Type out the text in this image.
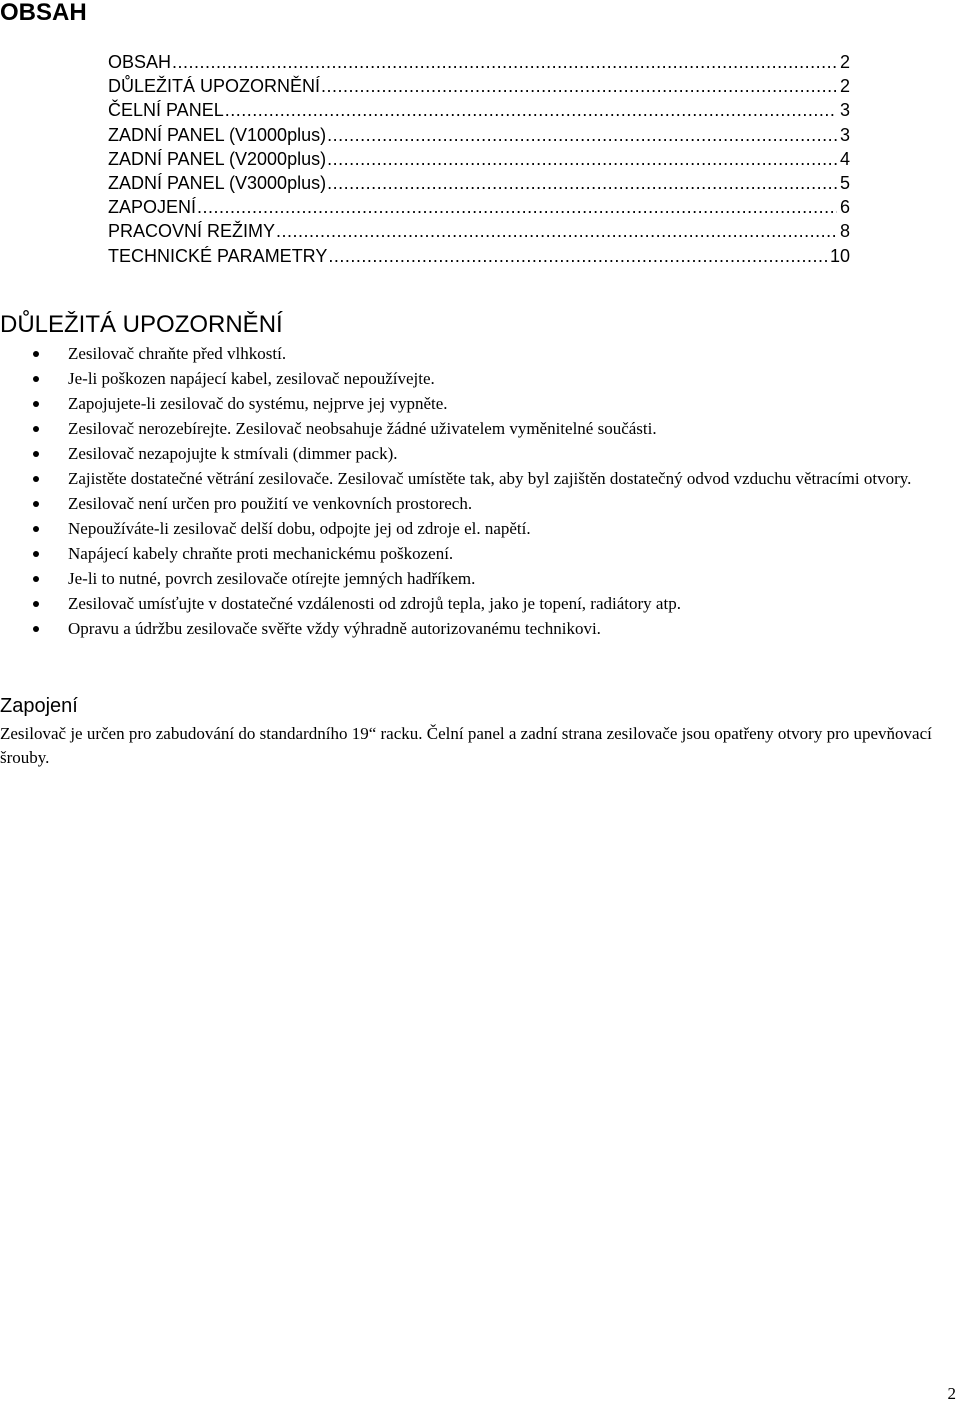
OBSAH
OBSAH .....	2
DŮLEŽITÁ UPOZORNĚNÍ .....	2
ČELNÍ PANEL .....	3
ZADNÍ PANEL (V1000plus) .....	3
ZADNÍ PANEL (V2000plus) .....	4
ZADNÍ PANEL (V3000plus) .....	5
ZAPOJENÍ .....	6
PRACOVNÍ REŽIMY .....	8
TECHNICKÉ PARAMETRY .....	10
DŮLEŽITÁ UPOZORNĚNÍ
Zesilovač chraňte před vlhkostí.
Je-li poškozen napájecí kabel, zesilovač nepoužívejte.
Zapojujete-li zesilovač do systému, nejprve jej vypněte.
Zesilovač nerozebírejte. Zesilovač neobsahuje žádné uživatelem vyměnitelné součásti.
Zesilovač nezapojujte k stmívali (dimmer pack).
Zajistěte dostatečné větrání zesilovače. Zesilovač umístěte tak, aby byl zajištěn dostatečný odvod vzduchu větracími otvory.
Zesilovač není určen pro použití ve venkovních prostorech.
Nepoužíváte-li zesilovač delší dobu, odpojte jej od zdroje el. napětí.
Napájecí kabely chraňte proti mechanickému poškození.
Je-li to nutné, povrch zesilovače otírejte jemných hadříkem.
Zesilovač umísťujte v dostatečné vzdálenosti od zdrojů tepla, jako je topení, radiátory atp.
Opravu a údržbu zesilovače svěřte vždy výhradně autorizovanému technikovi.
Zapojení

Zesilovač je určen pro zabudování do standardního 19“ racku. Čelní panel a zadní strana zesilovače jsou opatřeny otvory pro upevňovací šrouby.

2
